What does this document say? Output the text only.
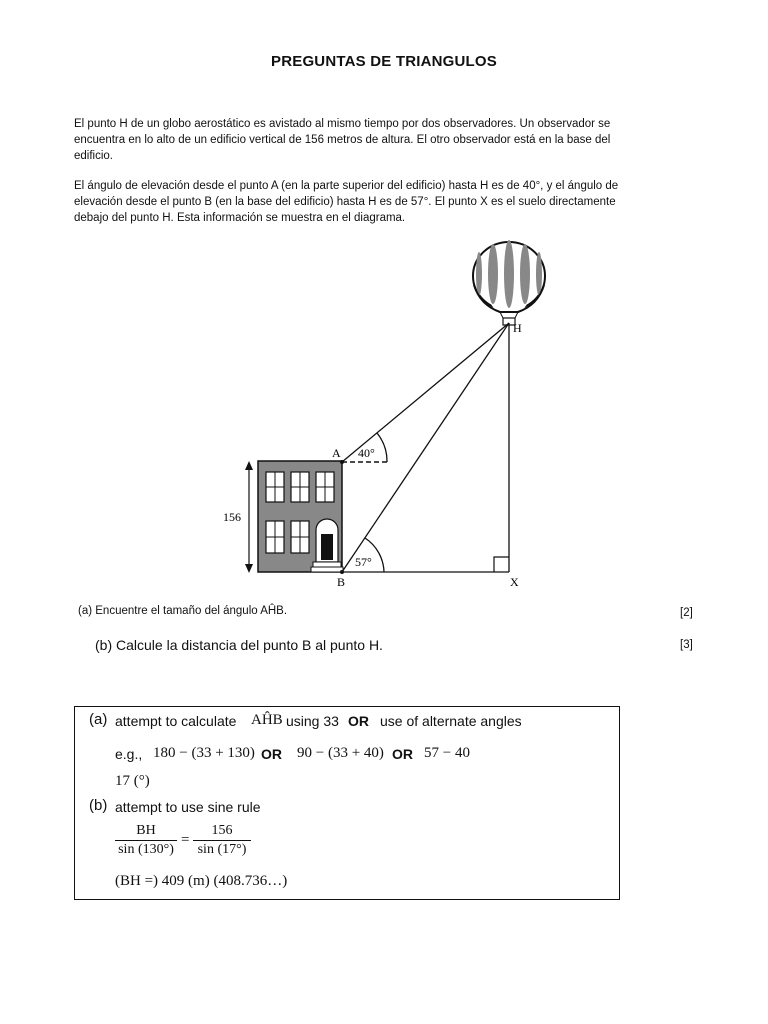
PREGUNTAS DE TRIANGULOS
El punto H de un globo aerostático es avistado al mismo tiempo por dos observadores. Un observador se encuentra en lo alto de un edificio vertical de 156 metros de altura. El otro observador está en la base del edificio.
El ángulo de elevación desde el punto A (en la parte superior del edificio) hasta H es de 40°, y el ángulo de elevación desde el punto B (en la base del edificio) hasta H es de 57°. El punto X es el suelo directamente debajo del punto H. Esta información se muestra en el diagrama.
H
A
B	X
40°
57°
156
(a) Encuentre el tamaño del ángulo AĤB.	[2]
(b) Calcule la distancia del punto B al punto H.	[3]
(a) attempt to calculate AĤB using 33 OR use of alternate angles
e.g., 180 − (33 + 130) OR 90 − (33 + 40) OR 57 − 40
17 (°)
(b) attempt to use sine rule
$\frac{BH}{\sin (130^\circ)} = \frac{156}{\sin (17^\circ)}$
(BH =) 409 (m) (408.736…)
